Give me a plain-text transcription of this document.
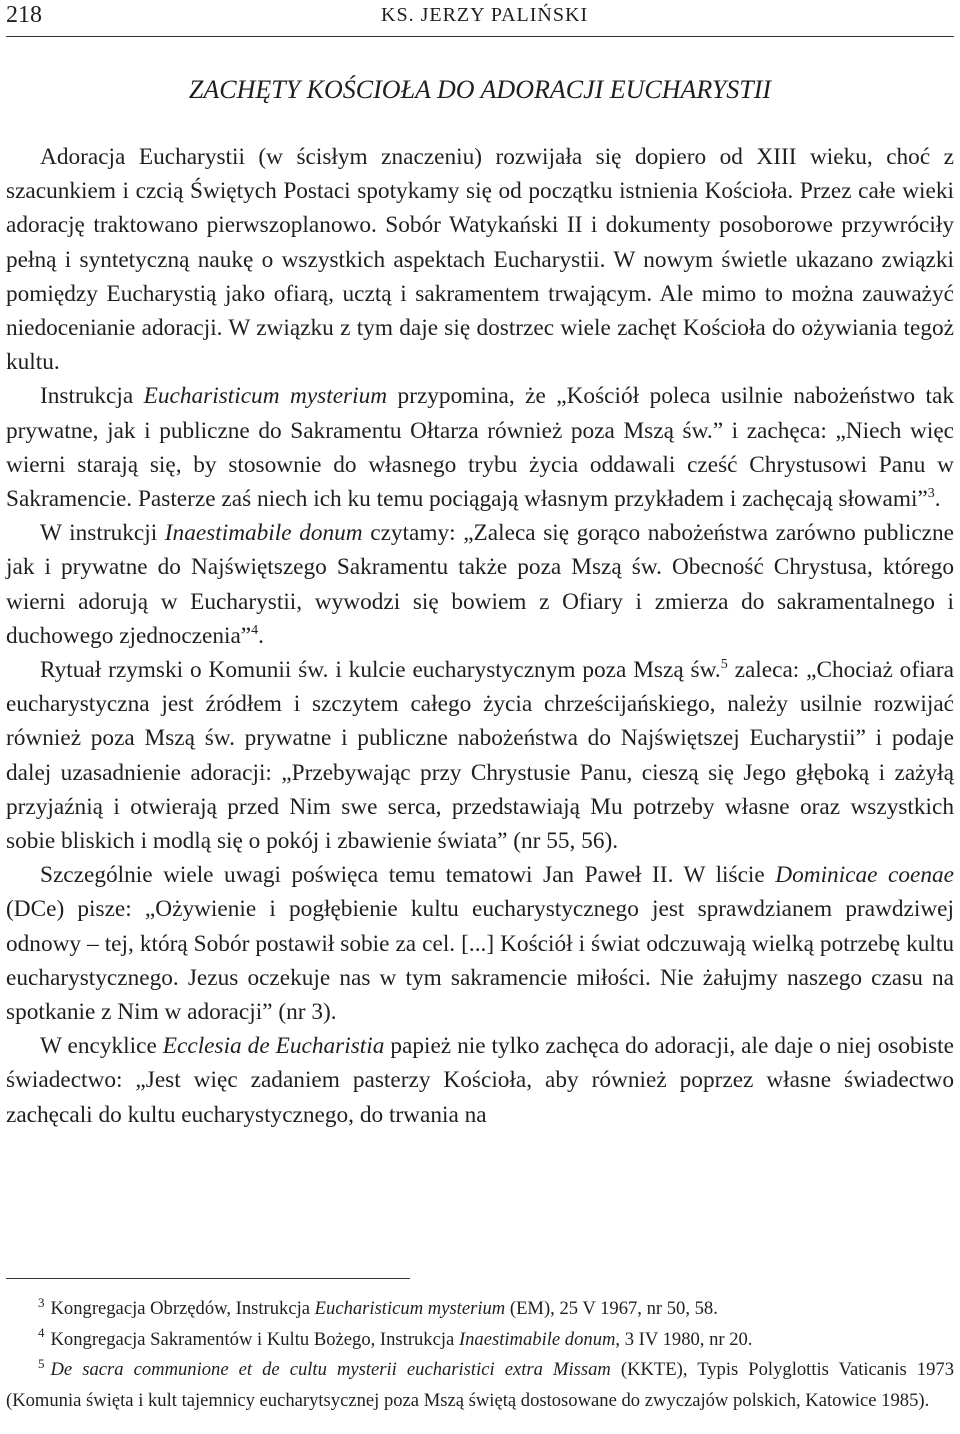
218	KS. JERZY PALIŃSKI
ZACHĘTY KOŚCIOŁA DO ADORACJI EUCHARYSTII

Adoracja Eucharystii (w ścisłym znaczeniu) rozwijała się dopiero od XIII wieku, choć z szacunkiem i czcią Świętych Postaci spotykamy się od początku istnienia Kościoła. Przez całe wieki adorację traktowano pierwszoplanowo. Sobór Watykański II i dokumenty posoborowe przywróciły pełną i syntetyczną naukę o wszystkich aspektach Eucharystii. W nowym świetle ukazano związki pomiędzy Eucharystią jako ofiarą, ucztą i sakramentem trwającym. Ale mimo to można zauważyć niedocenianie adoracji. W związku z tym daje się dostrzec wiele zachęt Kościoła do ożywiania tegoż kultu.

Instrukcja Eucharisticum mysterium przypomina, że „Kościół poleca usilnie nabożeństwo tak prywatne, jak i publiczne do Sakramentu Ołtarza również poza Mszą św.” i zachęca: „Niech więc wierni starają się, by stosownie do własnego trybu życia oddawali cześć Chrystusowi Panu w Sakramencie. Pasterze zaś niech ich ku temu pociągają własnym przykładem i zachęcają słowami”$^3$.

W instrukcji Inaestimabile donum czytamy: „Zaleca się gorąco nabożeństwa zarówno publiczne jak i prywatne do Najświętszego Sakramentu także poza Mszą św. Obecność Chrystusa, którego wierni adorują w Eucharystii, wywodzi się bowiem z Ofiary i zmierza do sakramentalnego i duchowego zjednoczenia”$^4$.

Rytuał rzymski o Komunii św. i kulcie eucharystycznym poza Mszą św.$^5$ zaleca: „Chociaż ofiara eucharystyczna jest źródłem i szczytem całego życia chrześcijańskiego, należy usilnie rozwijać również poza Mszą św. prywatne i publiczne nabożeństwa do Najświętszej Eucharystii” i podaje dalej uzasadnienie adoracji: „Przebywając przy Chrystusie Panu, cieszą się Jego głęboką i zażyłą przyjaźnią i otwierają przed Nim swe serca, przedstawiają Mu potrzeby własne oraz wszystkich sobie bliskich i modlą się o pokój i zbawienie świata” (nr 55, 56).

Szczególnie wiele uwagi poświęca temu tematowi Jan Paweł II. W liście Dominicae coenae (DCe) pisze: „Ożywienie i pogłębienie kultu eucharystycznego jest sprawdzianem prawdziwej odnowy – tej, którą Sobór postawił sobie za cel. [...] Kościół i świat odczuwają wielką potrzebę kultu eucharystycznego. Jezus oczekuje nas w tym sakramencie miłości. Nie żałujmy naszego czasu na spotkanie z Nim w adoracji” (nr 3).

W encyklice Ecclesia de Eucharistia papież nie tylko zachęca do adoracji, ale daje o niej osobiste świadectwo: „Jest więc zadaniem pasterzy Kościoła, aby również poprzez własne świadectwo zachęcali do kultu eucharystycznego, do trwania na

$^3$ Kongregacja Obrzędów, Instrukcja Eucharisticum mysterium (EM), 25 V 1967, nr 50, 58.

$^4$ Kongregacja Sakramentów i Kultu Bożego, Instrukcja Inaestimabile donum, 3 IV 1980, nr 20.

$^5$ De sacra communione et de cultu mysterii eucharistici extra Missam (KKTE), Typis Polyglottis Vaticanis 1973 (Komunia święta i kult tajemnicy eucharytsycznej poza Mszą świętą dostosowane do zwyczajów polskich, Katowice 1985).
